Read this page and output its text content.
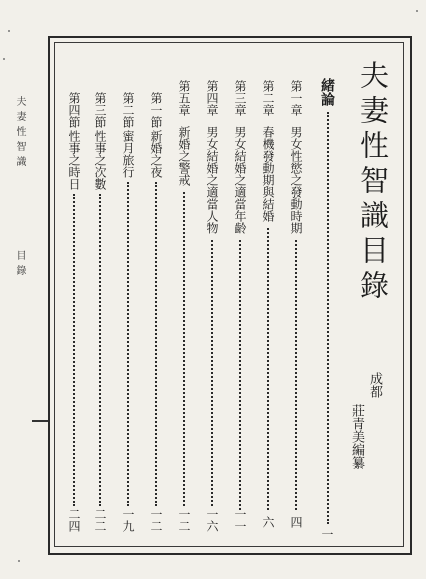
夫妻性智識
目錄	夫妻性智識目錄
成都
莊青美編纂
緒論
一
第一章
男女性慾之發動時期
四
第二章
春機發動期與結婚
六
第三章
男女結婚之適當年齡
一一
第四章
男女結婚之適當人物
一六
第五章
新婚之警戒
一二
第一節
新婚之夜
一二
第二節
蜜月旅行
一九
第三節
性事之次數
二二
第四節
性事之時日
二四
